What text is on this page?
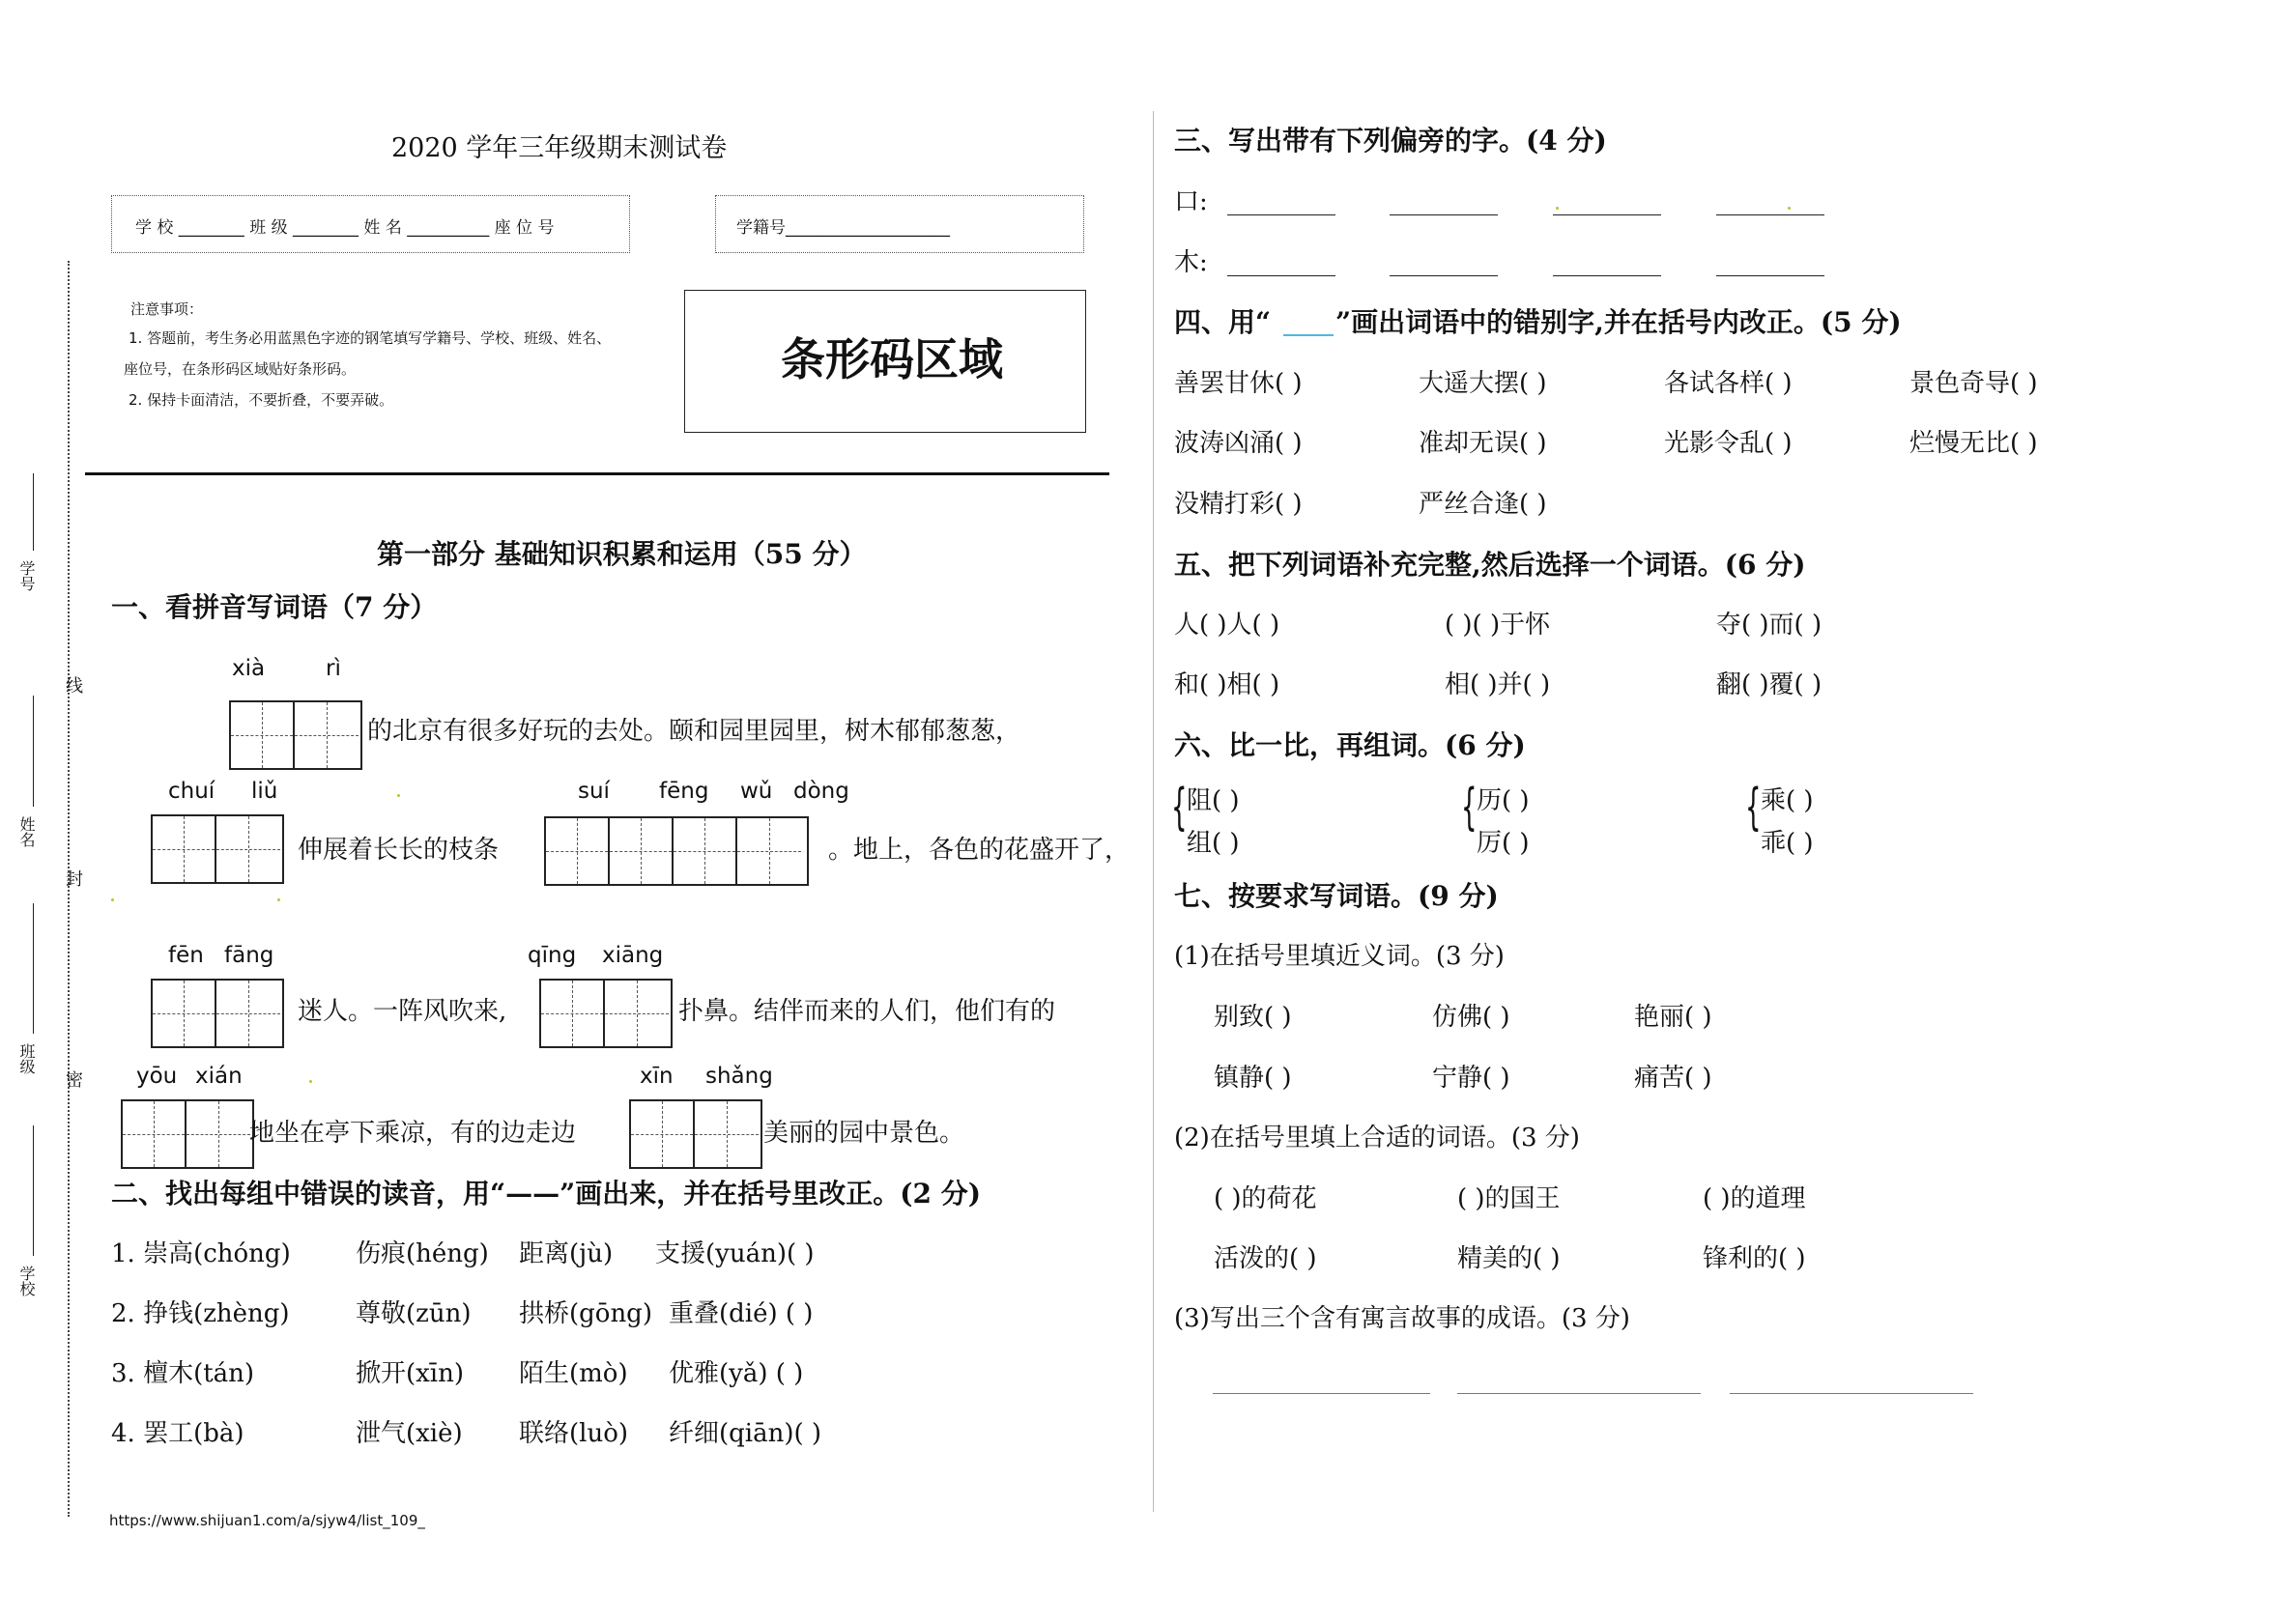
学号
线
姓名
封
班级
密
学校
2020 学年三年级期末测试卷
学 校 ________ 班 级 ________ 姓 名 __________ 座 位 号	学籍号____________________
注意事项：
1. 答题前，考生务必用蓝黑色字迹的钢笔填写学籍号、学校、班级、姓名、
座位号，在条形码区域贴好条形码。
2. 保持卡面清洁，不要折叠，不要弄破。
条形码区域
第一部分 基础知识积累和运用（55 分）
一、看拼音写词语（7 分）
xià	rì
的北京有很多好玩的去处。颐和园里园里，树木郁郁葱葱，
chuí liǔ
伸展着长长的枝条
suí fēng wǔ dòng
。地上，各色的花盛开了，
fēn fāng
迷人。一阵风吹来,
qīng xiāng
扑鼻。结伴而来的人们，他们有的
yōu xián
地坐在亭下乘凉，有的边走边
xīn shǎng
美丽的园中景色。
二、找出每组中错误的读音，用“——”画出来，并在括号里改正。(2 分)
1. 崇高(chóng)	伤痕(héng) 距离(jù) 支援(yuán)( )
2. 挣钱(zhèng)	尊敬(zūn) 拱桥(gōng) 重叠(dié) ( )
3. 檀木(tán)	掀开(xīn) 陌生(mò) 优雅(yǎ) ( )
4. 罢工(bà)	泄气(xiè) 联络(luò) 纤细(qiān)( )
https://www.shijuan1.com/a/sjyw4/list_109_
三、写出带有下列偏旁的字。(4 分)
口:
木:
四、用“ ”画出词语中的错别字,并在括号内改正。(5 分)
善罢甘休( )	大遥大摆( )	各试各样( )	景色奇导( )
波涛凶涌( )	准却无误( )	光影令乱( )	烂慢无比( )
没精打彩( )	严丝合逢( )
五、把下列词语补充完整,然后选择一个词语。(6 分)
人( )人( )	( )( )于怀	夺( )而( )
和( )相( )	相( )并( )	翻( )覆( )
六、比一比，再组词。(6 分)
{ 阻( )
组( )
{ 历( )
厉( )
{ 乘( )
乖( )
七、按要求写词语。(9 分)
(1)在括号里填近义词。(3 分)
别致( )	仿佛( )	艳丽( )
镇静( )	宁静( )	痛苦( )
(2)在括号里填上合适的词语。(3 分)
( )的荷花	( )的国王	( )的道理
活泼的( )	精美的( )	锋利的( )
(3)写出三个含有寓言故事的成语。(3 分)
